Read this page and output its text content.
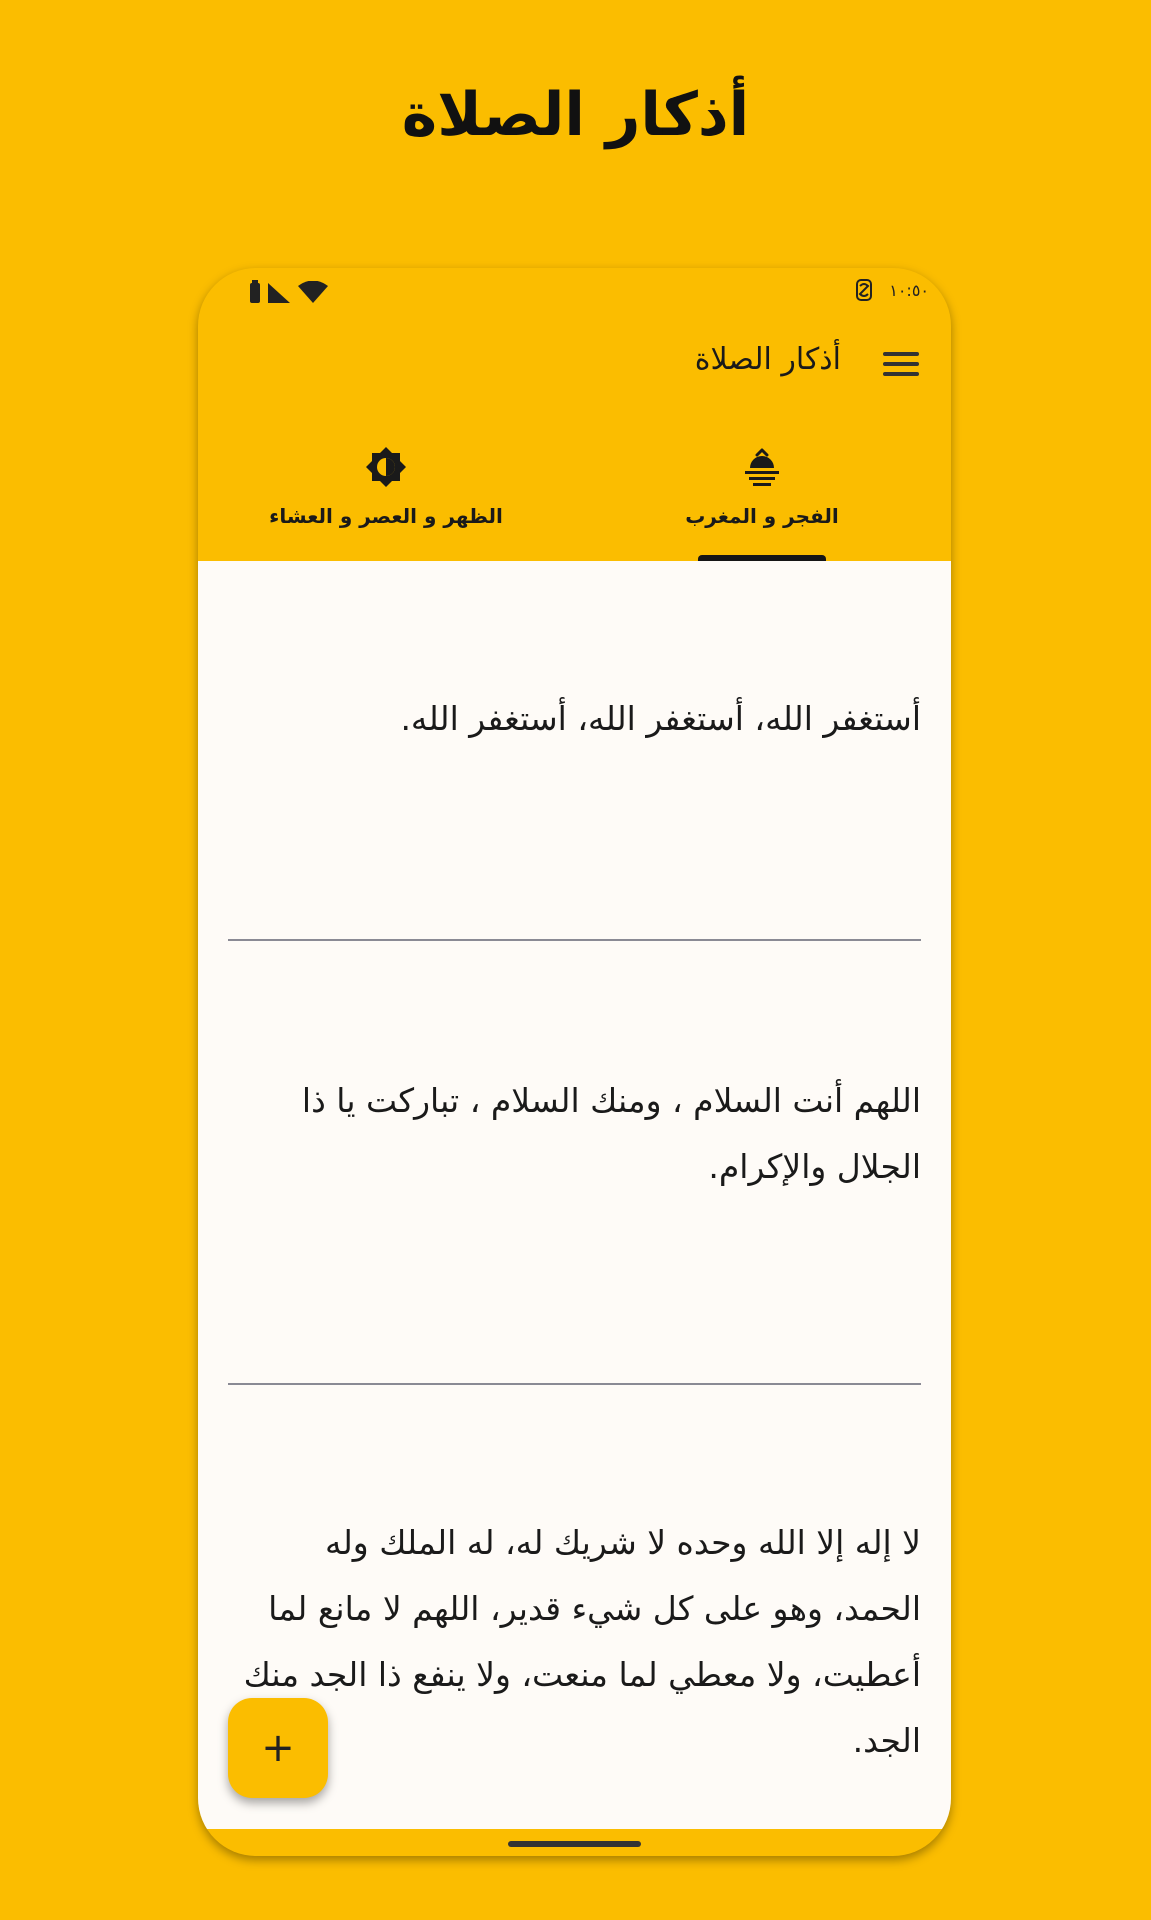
أذكار الصلاة
١٠:٥٠
أذكار الصلاة
الظهر و العصر و العشاء	الفجر و المغرب
أستغفر الله، أستغفر الله، أستغفر الله.
اللهم أنت السلام ، ومنك السلام ، تباركت يا ذا الجلال والإكرام.
لا إله إلا الله وحده لا شريك له، له الملك وله الحمد، وهو على كل شيء قدير، اللهم لا مانع لما أعطيت، ولا معطي لما منعت، ولا ينفع ذا الجد منك الجد.
+
